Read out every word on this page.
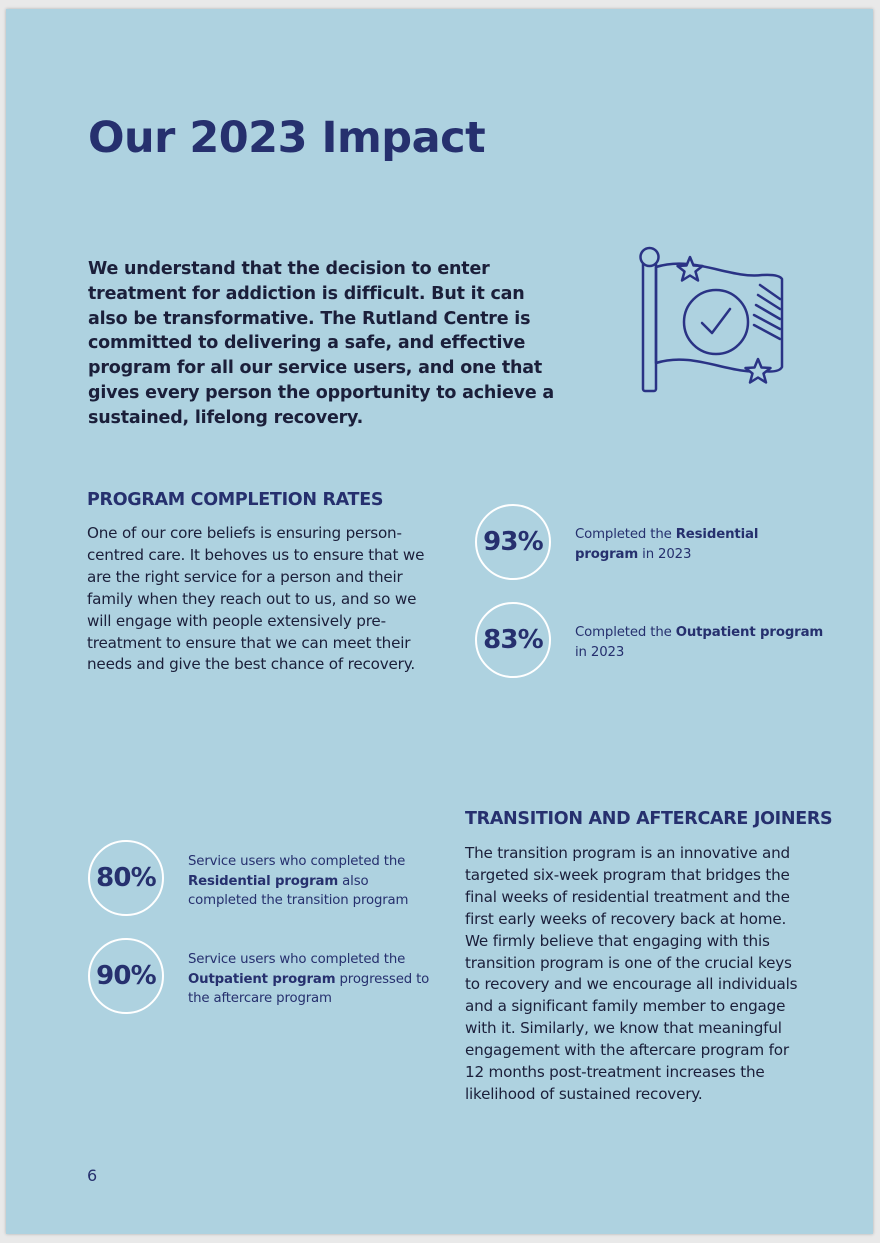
Our 2023 Impact

We understand that the decision to enter treatment for addiction is difficult. But it can also be transformative. The Rutland Centre is committed to delivering a safe, and effective program for all our service users, and one that gives every person the opportunity to achieve a sustained, lifelong recovery.

PROGRAM COMPLETION RATES

One of our core beliefs is ensuring person-centred care. It behoves us to ensure that we are the right service for a person and their family when they reach out to us, and so we will engage with people extensively pre-treatment to ensure that we can meet their needs and give the best chance of recovery.

93%	Completed the Residential program in 2023

83%	Completed the Outpatient program in 2023

TRANSITION AND AFTERCARE JOINERS

The transition program is an innovative and targeted six-week program that bridges the final weeks of residential treatment and the first early weeks of recovery back at home. We firmly believe that engaging with this transition program is one of the crucial keys to recovery and we encourage all individuals and a significant family member to engage with it. Similarly, we know that meaningful engagement with the aftercare program for 12 months post-treatment increases the likelihood of sustained recovery.

80%

Service users who completed the Residential program also completed the transition program

90%

Service users who completed the Outpatient program progressed to the aftercare program

6
